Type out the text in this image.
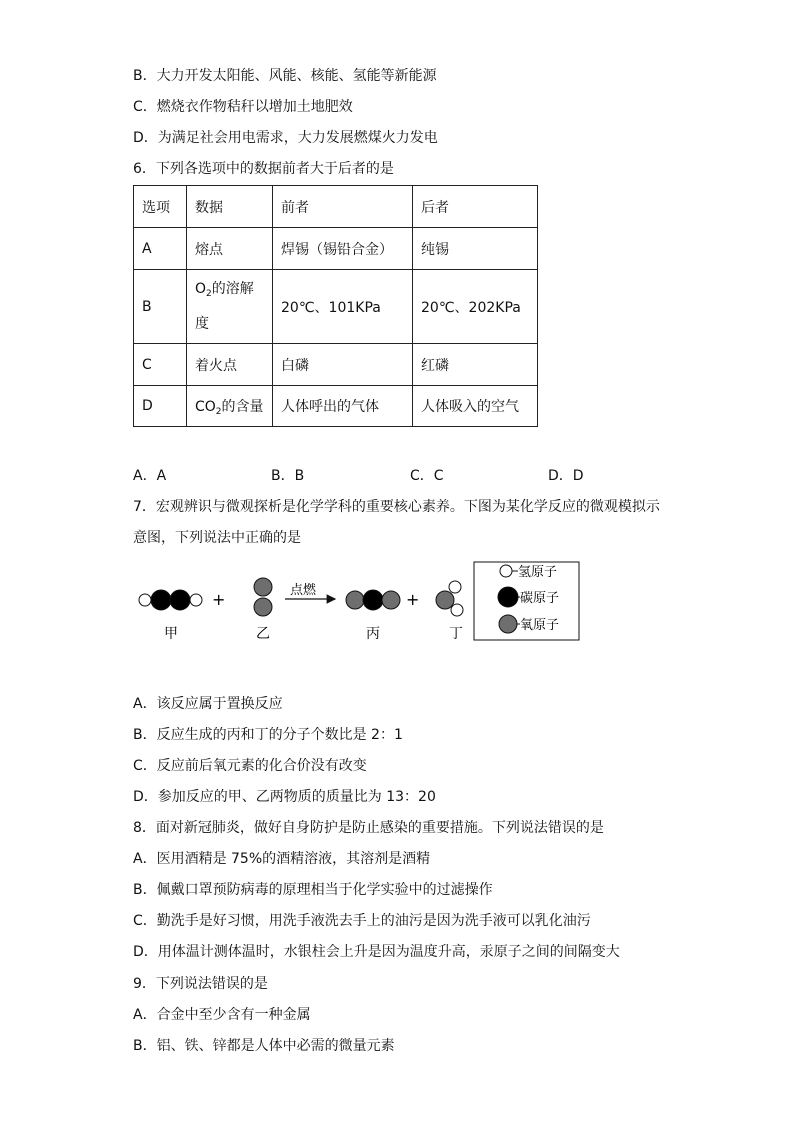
B．大力开发太阳能、风能、核能、氢能等新能源
C．燃烧衣作物秸秆以增加土地肥效
D．为满足社会用电需求，大力发展燃煤火力发电
6．下列各选项中的数据前者大于后者的是
选项	数据	前者	后者
A	熔点	焊锡（锡铅合金）	纯锡
B	$O_2$的溶解度	20℃、101KPa	20℃、202KPa
C	着火点	白磷	红磷
D	$CO_2$的含量	人体呼出的气体	人体吸入的空气
A．A	B．B	C．C	D．D
7．宏观辨识与微观探析是化学学科的重要核心素养。下图为某化学反应的微观模拟示
意图，下列说法中正确的是
+	点燃	+
甲	乙	丙	丁
氢原子
碳原子
氧原子
A．该反应属于置换反应
B．反应生成的丙和丁的分子个数比是 2：1
C．反应前后氧元素的化合价没有改变
D．参加反应的甲、乙两物质的质量比为 13：20
8．面对新冠肺炎，做好自身防护是防止感染的重要措施。下列说法错误的是
A．医用酒精是 75%的酒精溶液，其溶剂是酒精
B．佩戴口罩预防病毒的原理相当于化学实验中的过滤操作
C．勤洗手是好习惯，用洗手液洗去手上的油污是因为洗手液可以乳化油污
D．用体温计测体温时，水银柱会上升是因为温度升高，汞原子之间的间隔变大
9．下列说法错误的是
A．合金中至少含有一种金属
B．铝、铁、锌都是人体中必需的微量元素
